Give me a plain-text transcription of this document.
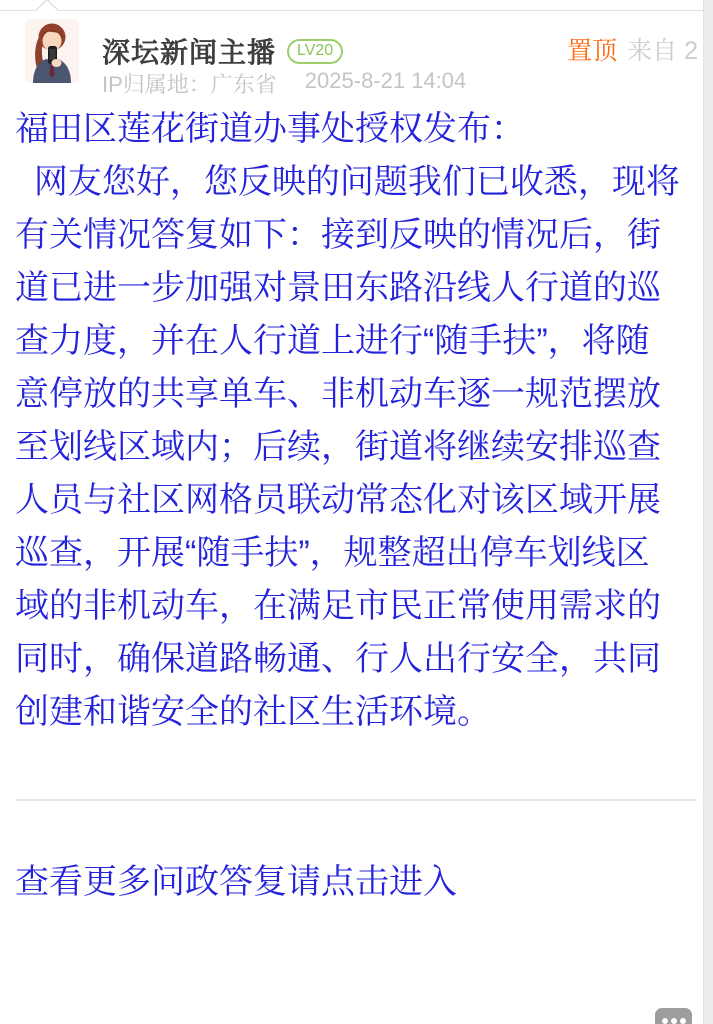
深坛新闻主播	LV20
IP归属地：广东省 2025-8-21 14:04
置顶 来自 2
福田区莲花街道办事处授权发布：
网友您好，您反映的问题我们已收悉，现将
有关情况答复如下：接到反映的情况后，街
道已进一步加强对景田东路沿线人行道的巡
查力度，并在人行道上进行“随手扶”，将随
意停放的共享单车、非机动车逐一规范摆放
至划线区域内；后续，街道将继续安排巡查
人员与社区网格员联动常态化对该区域开展
巡查，开展“随手扶”，规整超出停车划线区
域的非机动车，在满足市民正常使用需求的
同时，确保道路畅通、行人出行安全，共同
创建和谐安全的社区生活环境。
查看更多问政答复请点击进入
